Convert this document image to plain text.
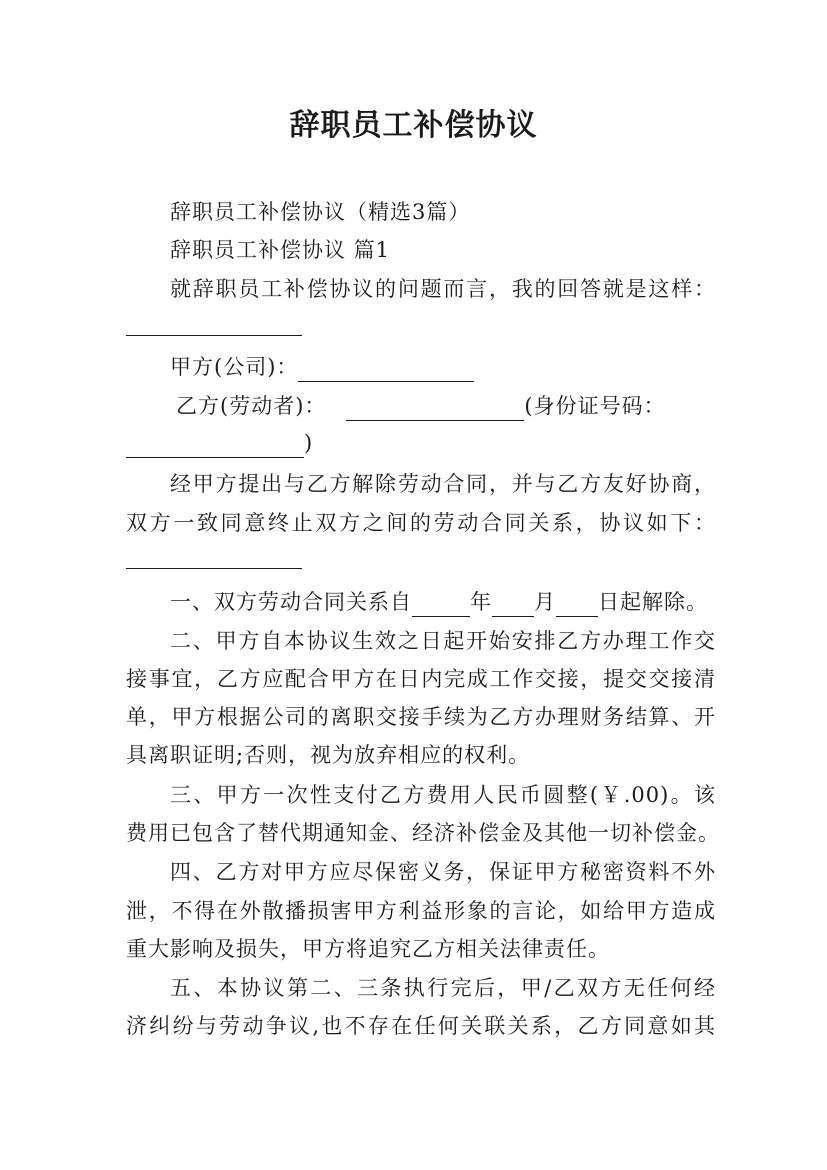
辞职员工补偿协议
辞职员工补偿协议（精选3篇）
辞职员工补偿协议 篇1
就辞职员工补偿协议的问题而言，我的回答就是这样：
甲方(公司)：
乙方(劳动者)：	(身份证号码：
)
经甲方提出与乙方解除劳动合同，并与乙方友好协商，
双方一致同意终止双方之间的劳动合同关系，协议如下：
一、双方劳动合同关系自	年 月 日起解除。
二、甲方自本协议生效之日起开始安排乙方办理工作交
接事宜，乙方应配合甲方在日内完成工作交接，提交交接清
单，甲方根据公司的离职交接手续为乙方办理财务结算、开
具离职证明;否则，视为放弃相应的权利。
三、甲方一次性支付乙方费用人民币圆整(￥.00)。该
费用已包含了替代期通知金、经济补偿金及其他一切补偿金。
四、乙方对甲方应尽保密义务，保证甲方秘密资料不外
泄，不得在外散播损害甲方利益形象的言论，如给甲方造成
重大影响及损失，甲方将追究乙方相关法律责任。
五、本协议第二、三条执行完后，甲/乙双方无任何经
济纠纷与劳动争议,也不存在任何关联关系，乙方同意如其
